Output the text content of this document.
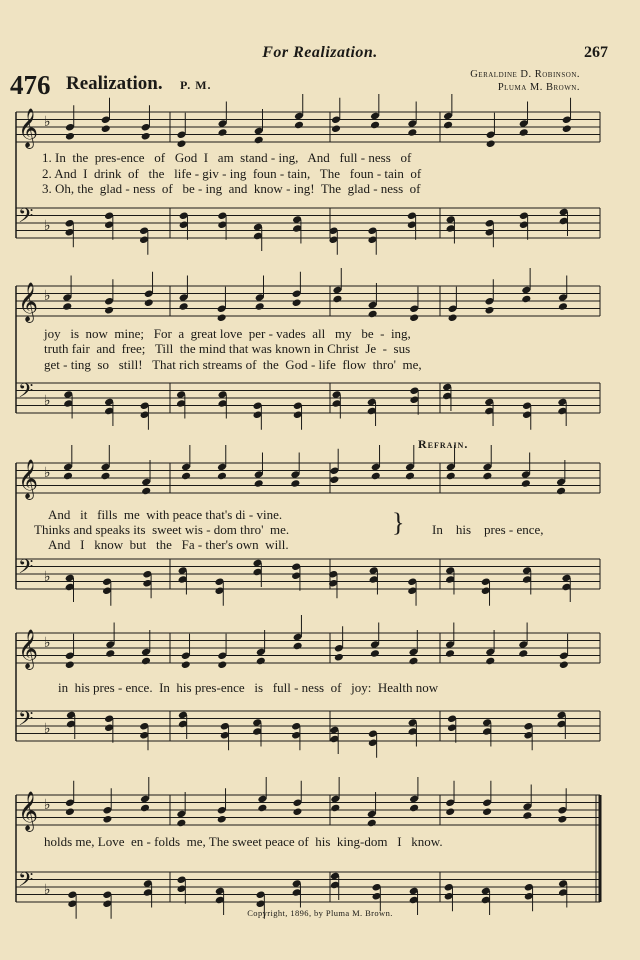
For Realization.	267
476 Realization. P. M.
Geraldine D. Robinson.
Pluma M. Brown.
𝄞 ♭
𝄢 ♭
𝄞 ♭
𝄢 ♭
𝄞 ♭
𝄢 ♭
𝄞 ♭
𝄢 ♭
𝄞 ♭
𝄢 ♭
1. In  the  pres-ence   of   God  I   am  stand - ing,   And   full - ness   of
2. And  I  drink  of   the   life - giv - ing  foun - tain,   The   foun - tain  of
3. Oh, the  glad - ness  of   be - ing  and  know - ing!  The  glad - ness  of
joy   is  now  mine;   For  a  great love  per - vades  all   my   be  -  ing,
truth fair  and  free;   Till  the mind that was known in Christ  Je  -  sus
get - ting  so   still!   That rich streams of  the  God - life  flow  thro'  me,
Refrain.
And   it   fills  me  with peace that's di - vine.
Thinks and speaks its  sweet wis - dom thro'  me.
And   I   know  but   the   Fa - ther's own  will.
} In    his    pres - ence,
in  his pres - ence.  In  his pres-ence   is   full - ness  of   joy:  Health now
holds me, Love  en - folds  me, The sweet peace of  his  king-dom   I   know.
Copyright, 1896, by Pluma M. Brown.
